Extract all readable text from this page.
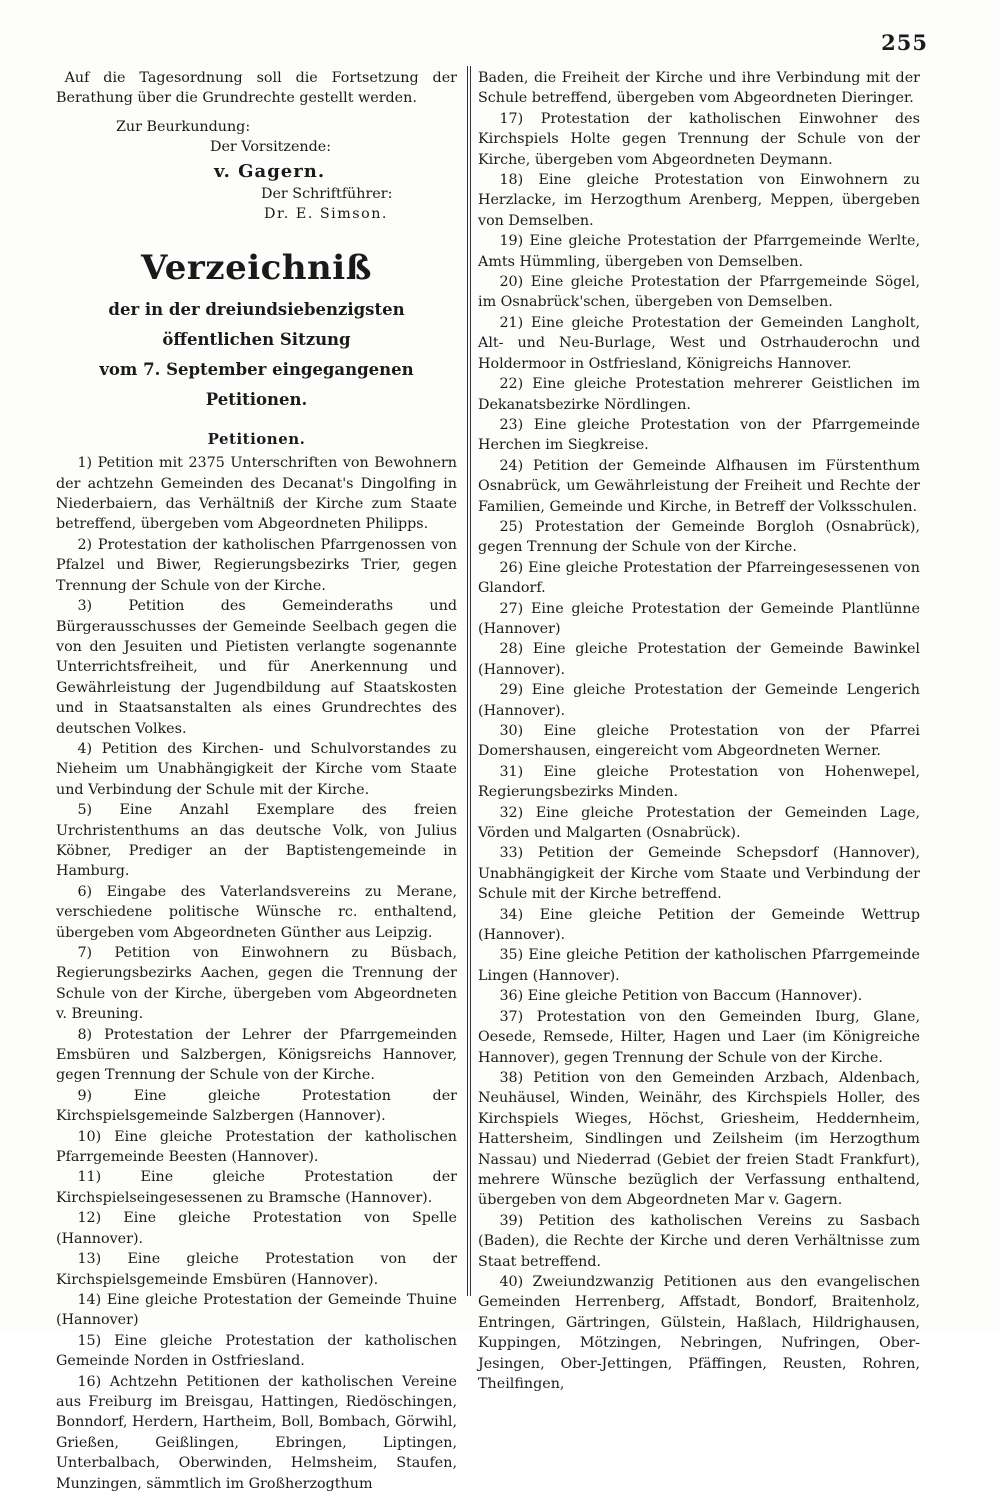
255

Auf die Tagesordnung soll die Fortsetzung der Berathung über die Grundrechte gestellt werden.

Zur Beurkundung:

Der Vorsitzende:

v. Gagern.

Der Schriftführer:

Dr. E. Simson.

Verzeichniß
der in der dreiundsiebenzigsten öffentlichen Sitzung
vom 7. September eingegangenen Petitionen.
Petitionen.

1) Petition mit 2375 Unterschriften von Bewohnern der achtzehn Gemeinden des Decanat's Dingolfing in Niederbaiern, das Verhältniß der Kirche zum Staate betreffend, übergeben vom Abgeordneten Philipps.

2) Protestation der katholischen Pfarrgenossen von Pfalzel und Biwer, Regierungsbezirks Trier, gegen Trennung der Schule von der Kirche.

3) Petition des Gemeinderaths und Bürgerausschusses der Gemeinde Seelbach gegen die von den Jesuiten und Pietisten verlangte sogenannte Unterrichtsfreiheit, und für Anerkennung und Gewährleistung der Jugendbildung auf Staatskosten und in Staatsanstalten als eines Grundrechtes des deutschen Volkes.

4) Petition des Kirchen- und Schulvorstandes zu Nieheim um Unabhängigkeit der Kirche vom Staate und Verbindung der Schule mit der Kirche.

5) Eine Anzahl Exemplare des freien Urchristenthums an das deutsche Volk, von Julius Köbner, Prediger an der Baptistengemeinde in Hamburg.

6) Eingabe des Vaterlandsvereins zu Merane, verschiedene politische Wünsche rc. enthaltend, übergeben vom Abgeordneten Günther aus Leipzig.

7) Petition von Einwohnern zu Büsbach, Regierungsbezirks Aachen, gegen die Trennung der Schule von der Kirche, übergeben vom Abgeordneten v. Breuning.

8) Protestation der Lehrer der Pfarrgemeinden Emsbüren und Salzbergen, Königsreichs Hannover, gegen Trennung der Schule von der Kirche.

9) Eine gleiche Protestation der Kirchspielsgemeinde Salzbergen (Hannover).

10) Eine gleiche Protestation der katholischen Pfarrgemeinde Beesten (Hannover).

11) Eine gleiche Protestation der Kirchspielseingesessenen zu Bramsche (Hannover).

12) Eine gleiche Protestation von Spelle (Hannover).

13) Eine gleiche Protestation von der Kirchspielsgemeinde Emsbüren (Hannover).

14) Eine gleiche Protestation der Gemeinde Thuine (Hannover)

15) Eine gleiche Protestation der katholischen Gemeinde Norden in Ostfriesland.

16) Achtzehn Petitionen der katholischen Vereine aus Freiburg im Breisgau, Hattingen, Riedöschingen, Bonndorf, Herdern, Hartheim, Boll, Bombach, Görwihl, Grießen, Geißlingen, Ebringen, Liptingen, Unterbalbach, Oberwinden, Helmsheim, Staufen, Munzingen, sämmtlich im Großherzogthum

Baden, die Freiheit der Kirche und ihre Verbindung mit der Schule betreffend, übergeben vom Abgeordneten Dieringer.

17) Protestation der katholischen Einwohner des Kirchspiels Holte gegen Trennung der Schule von der Kirche, übergeben vom Abgeordneten Deymann.

18) Eine gleiche Protestation von Einwohnern zu Herzlacke, im Herzogthum Arenberg, Meppen, übergeben von Demselben.

19) Eine gleiche Protestation der Pfarrgemeinde Werlte, Amts Hümmling, übergeben von Demselben.

20) Eine gleiche Protestation der Pfarrgemeinde Sögel, im Osnabrück'schen, übergeben von Demselben.

21) Eine gleiche Protestation der Gemeinden Langholt, Alt- und Neu-Burlage, West und Ostrhauderochn und Holdermoor in Ostfriesland, Königreichs Hannover.

22) Eine gleiche Protestation mehrerer Geistlichen im Dekanatsbezirke Nördlingen.

23) Eine gleiche Protestation von der Pfarrgemeinde Herchen im Siegkreise.

24) Petition der Gemeinde Alfhausen im Fürstenthum Osnabrück, um Gewährleistung der Freiheit und Rechte der Familien, Gemeinde und Kirche, in Betreff der Volksschulen.

25) Protestation der Gemeinde Borgloh (Osnabrück), gegen Trennung der Schule von der Kirche.

26) Eine gleiche Protestation der Pfarreingesessenen von Glandorf.

27) Eine gleiche Protestation der Gemeinde Plantlünne (Hannover)

28) Eine gleiche Protestation der Gemeinde Bawinkel (Hannover).

29) Eine gleiche Protestation der Gemeinde Lengerich (Hannover).

30) Eine gleiche Protestation von der Pfarrei Domershausen, eingereicht vom Abgeordneten Werner.

31) Eine gleiche Protestation von Hohenwepel, Regierungsbezirks Minden.

32) Eine gleiche Protestation der Gemeinden Lage, Vörden und Malgarten (Osnabrück).

33) Petition der Gemeinde Schepsdorf (Hannover), Unabhängigkeit der Kirche vom Staate und Verbindung der Schule mit der Kirche betreffend.

34) Eine gleiche Petition der Gemeinde Wettrup (Hannover).

35) Eine gleiche Petition der katholischen Pfarrgemeinde Lingen (Hannover).

36) Eine gleiche Petition von Baccum (Hannover).

37) Protestation von den Gemeinden Iburg, Glane, Oesede, Remsede, Hilter, Hagen und Laer (im Königreiche Hannover), gegen Trennung der Schule von der Kirche.

38) Petition von den Gemeinden Arzbach, Aldenbach, Neuhäusel, Winden, Weinähr, des Kirchspiels Holler, des Kirchspiels Wieges, Höchst, Griesheim, Heddernheim, Hattersheim, Sindlingen und Zeilsheim (im Herzogthum Nassau) und Niederrad (Gebiet der freien Stadt Frankfurt), mehrere Wünsche bezüglich der Verfassung enthaltend, übergeben von dem Abgeordneten Mar v. Gagern.

39) Petition des katholischen Vereins zu Sasbach (Baden), die Rechte der Kirche und deren Verhältnisse zum Staat betreffend.

40) Zweiundzwanzig Petitionen aus den evangelischen Gemeinden Herrenberg, Affstadt, Bondorf, Braitenholz, Entringen, Gärtringen, Gülstein, Haßlach, Hildrighausen, Kuppingen, Mötzingen, Nebringen, Nufringen, Ober-Jesingen, Ober-Jettingen, Pfäffingen, Reusten, Rohren, Theilfingen,
